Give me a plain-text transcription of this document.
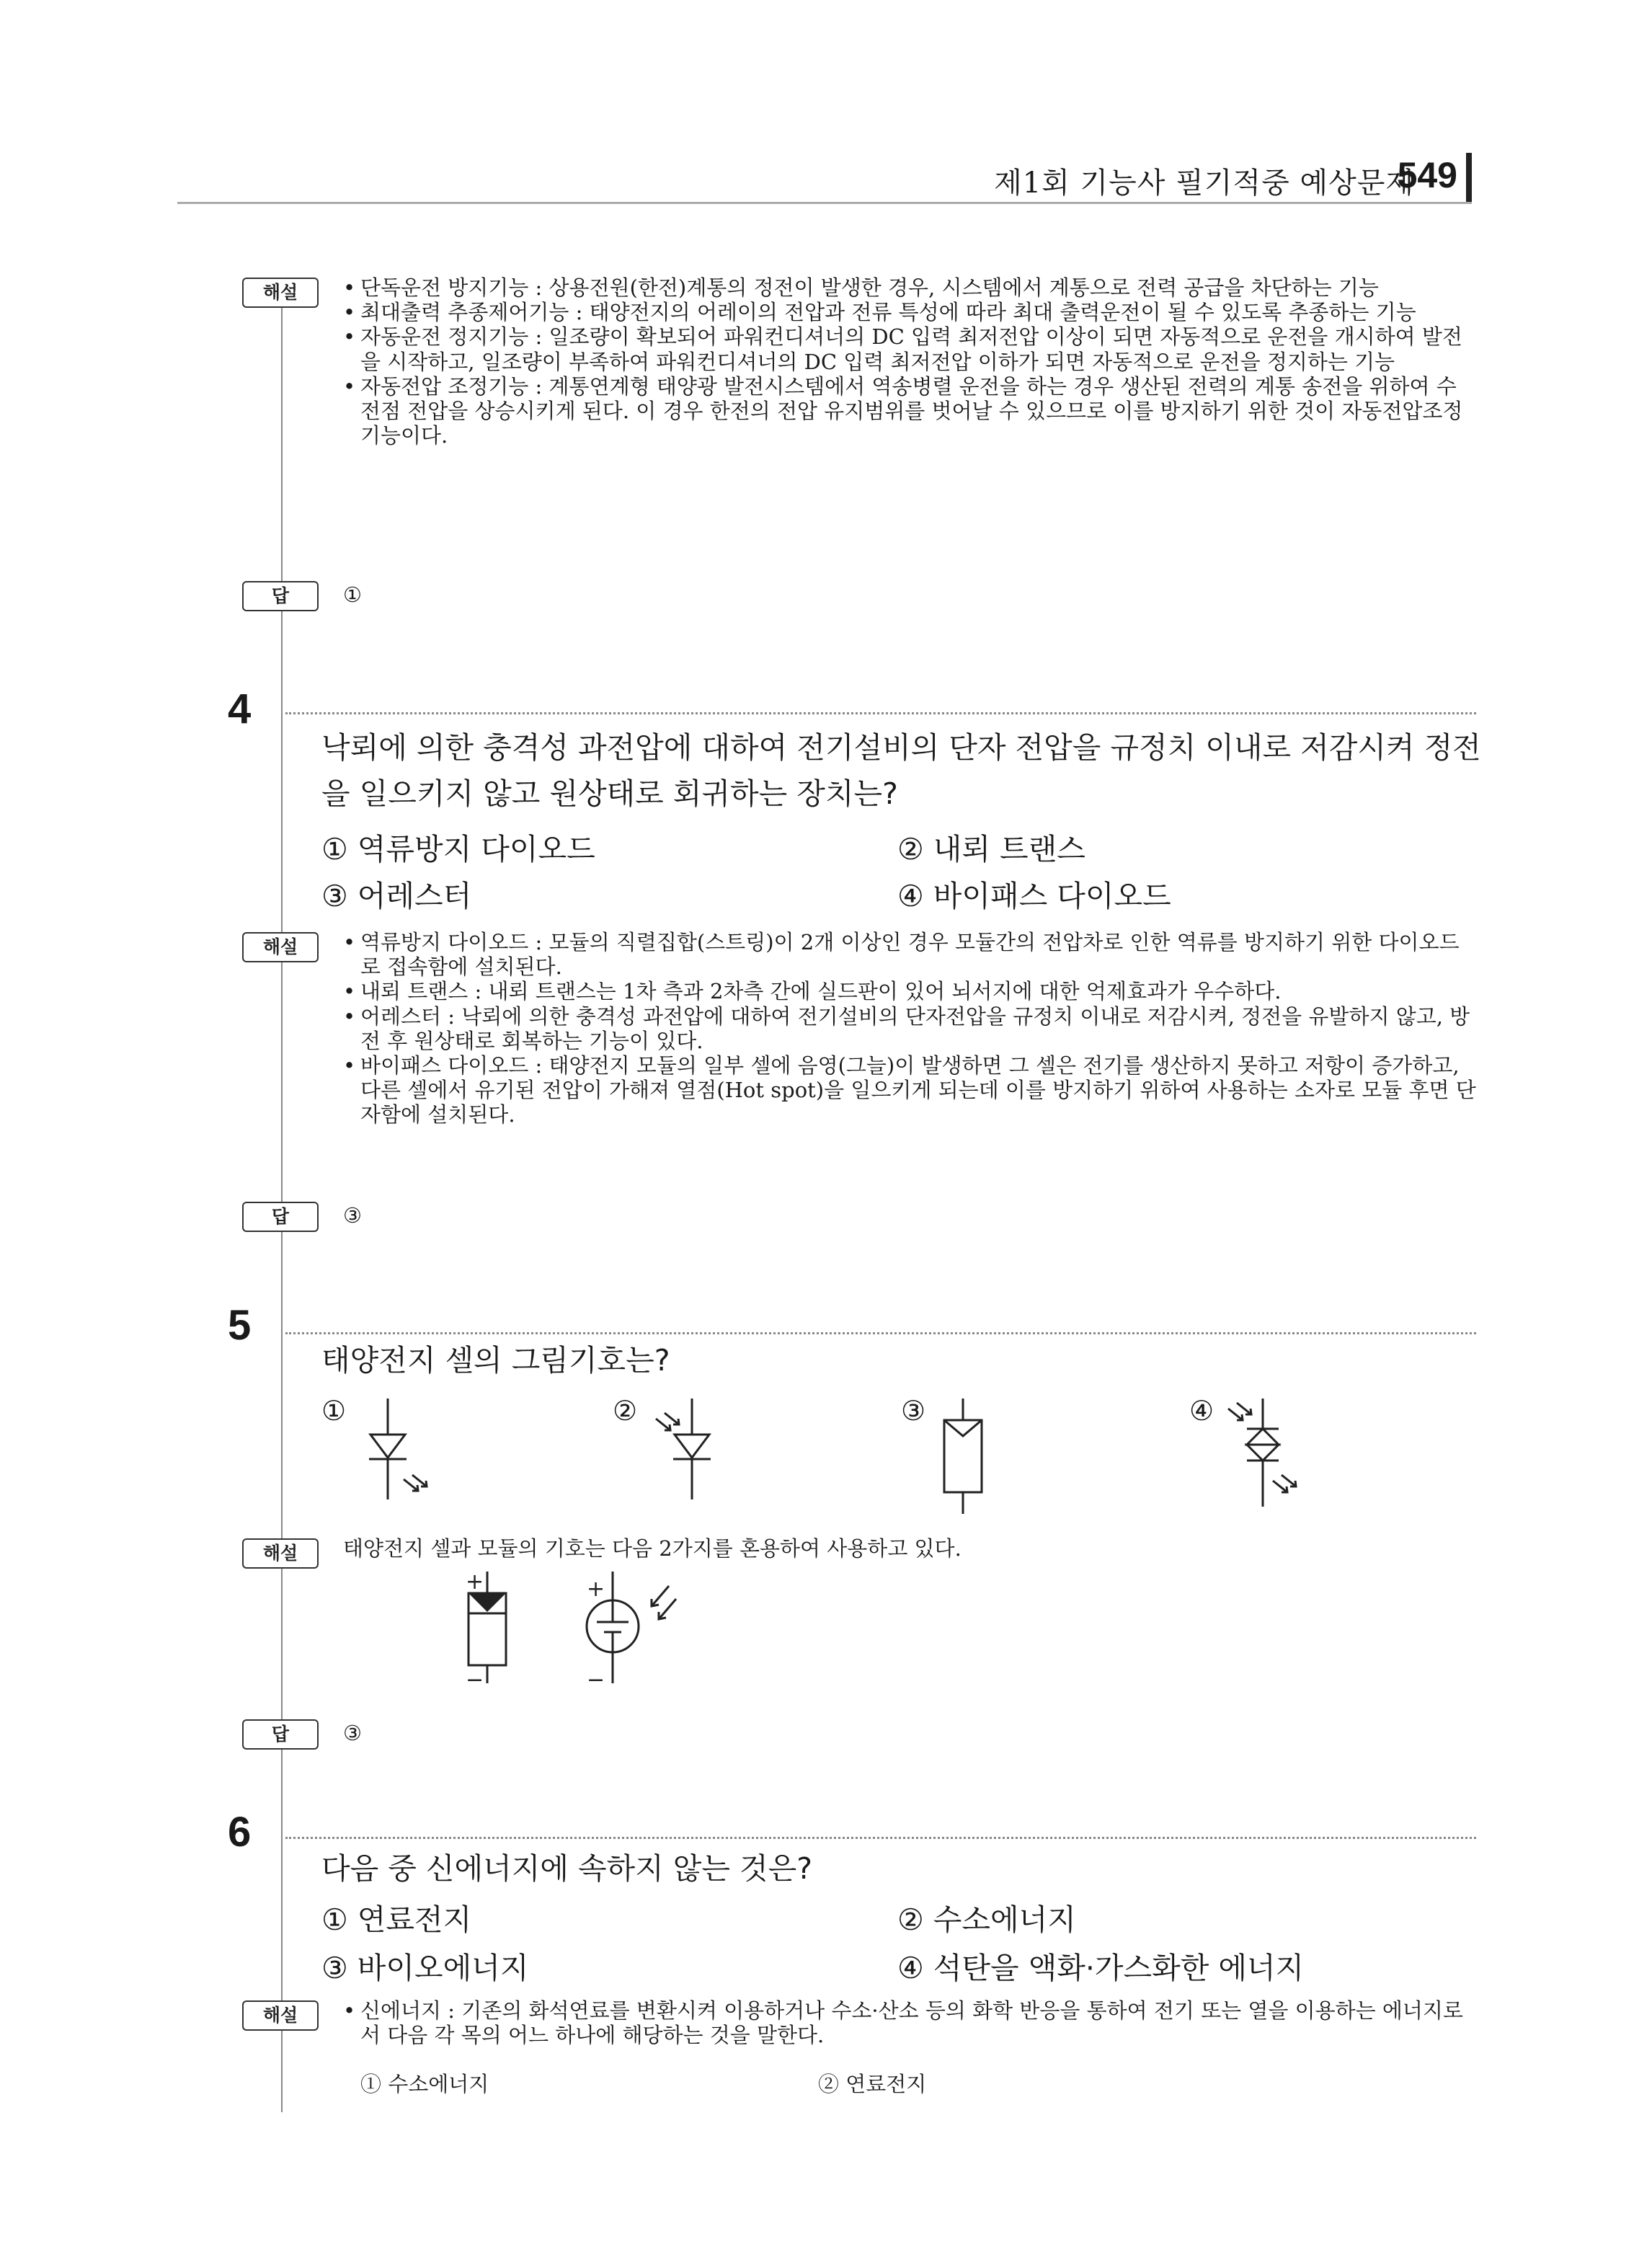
제1회 기능사 필기적중 예상문제
549
해설	• 단독운전 방지기능 : 상용전원(한전)계통의 정전이 발생한 경우, 시스템에서 계통으로 전력 공급을 차단하는 기능
• 최대출력 추종제어기능 : 태양전지의 어레이의 전압과 전류 특성에 따라 최대 출력운전이 될 수 있도록 추종하는 기능
• 자동운전 정지기능 : 일조량이 확보되어 파워컨디셔너의 DC 입력 최저전압 이상이 되면 자동적으로 운전을 개시하여 발전을 시작하고, 일조량이 부족하여 파워컨디셔너의 DC 입력 최저전압 이하가 되면 자동적으로 운전을 정지하는 기능
• 자동전압 조정기능 : 계통연계형 태양광 발전시스템에서 역송병렬 운전을 하는 경우 생산된 전력의 계통 송전을 위하여 수전점 전압을 상승시키게 된다. 이 경우 한전의 전압 유지범위를 벗어날 수 있으므로 이를 방지하기 위한 것이 자동전압조정 기능이다.
답	①
4
낙뢰에 의한 충격성 과전압에 대하여 전기설비의 단자 전압을 규정치 이내로 저감시켜 정전을 일으키지 않고 원상태로 회귀하는 장치는?
① 역류방지 다이오드	② 내뢰 트랜스
③ 어레스터	④ 바이패스 다이오드
해설	• 역류방지 다이오드 : 모듈의 직렬집합(스트링)이 2개 이상인 경우 모듈간의 전압차로 인한 역류를 방지하기 위한 다이오드로 접속함에 설치된다.
• 내뢰 트랜스 : 내뢰 트랜스는 1차 측과 2차측 간에 실드판이 있어 뇌서지에 대한 억제효과가 우수하다.
• 어레스터 : 낙뢰에 의한 충격성 과전압에 대하여 전기설비의 단자전압을 규정치 이내로 저감시켜, 정전을 유발하지 않고, 방전 후 원상태로 회복하는 기능이 있다.
• 바이패스 다이오드 : 태양전지 모듈의 일부 셀에 음영(그늘)이 발생하면 그 셀은 전기를 생산하지 못하고 저항이 증가하고, 다른 셀에서 유기된 전압이 가해져 열점(Hot spot)을 일으키게 되는데 이를 방지하기 위하여 사용하는 소자로 모듈 후면 단자함에 설치된다.
답	③
5
태양전지 셀의 그림기호는?
①	②	③	④
해설	태양전지 셀과 모듈의 기호는 다음 2가지를 혼용하여 사용하고 있다.
+
−
+
−
답	③
6
다음 중 신에너지에 속하지 않는 것은?
① 연료전지	② 수소에너지
③ 바이오에너지	④ 석탄을 액화·가스화한 에너지
해설	• 신에너지 : 기존의 화석연료를 변환시켜 이용하거나 수소·산소 등의 화학 반응을 통하여 전기 또는 열을 이용하는 에너지로서 다음 각 목의 어느 하나에 해당하는 것을 말한다.
① 수소에너지	② 연료전지
